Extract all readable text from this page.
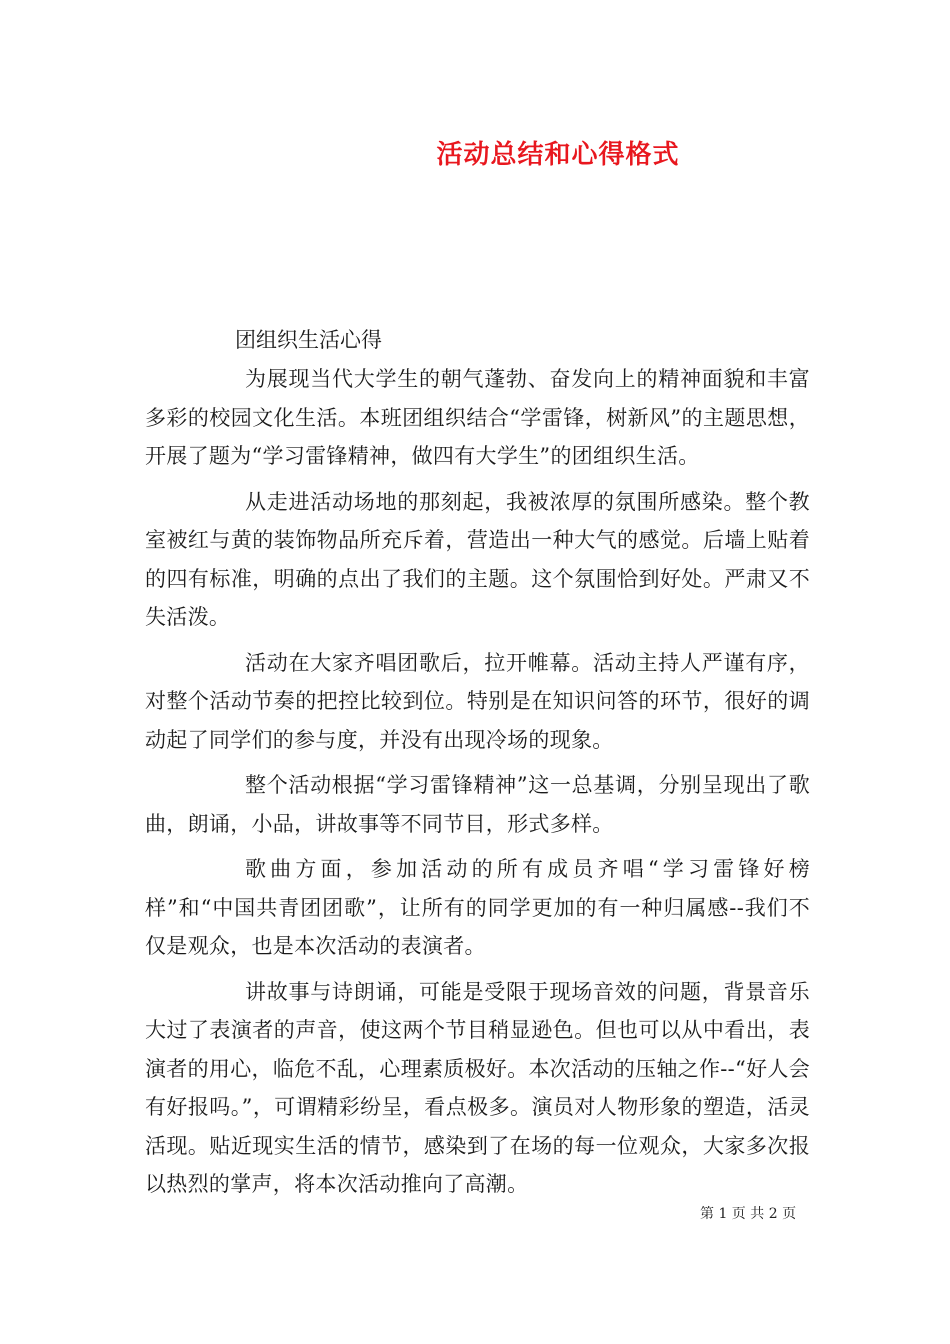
活动总结和心得格式
团组织生活心得

为展现当代大学生的朝气蓬勃、奋发向上的精神面貌和丰富多彩的校园文化生活。本班团组织结合“学雷锋，树新风”的主题思想，开展了题为“学习雷锋精神，做四有大学生”的团组织生活。

从走进活动场地的那刻起，我被浓厚的氛围所感染。整个教室被红与黄的装饰物品所充斥着，营造出一种大气的感觉。后墙上贴着的四有标准，明确的点出了我们的主题。这个氛围恰到好处。严肃又不失活泼。

活动在大家齐唱团歌后，拉开帷幕。活动主持人严谨有序，对整个活动节奏的把控比较到位。特别是在知识问答的环节，很好的调动起了同学们的参与度，并没有出现冷场的现象。

整个活动根据“学习雷锋精神”这一总基调，分别呈现出了歌曲，朗诵，小品，讲故事等不同节目，形式多样。

歌曲方面，参加活动的所有成员齐唱“学习雷锋好榜样”和“中国共青团团歌”，让所有的同学更加的有一种归属感--我们不仅是观众，也是本次活动的表演者。

讲故事与诗朗诵，可能是受限于现场音效的问题，背景音乐大过了表演者的声音，使这两个节目稍显逊色。但也可以从中看出，表演者的用心，临危不乱，心理素质极好。本次活动的压轴之作--“好人会有好报吗。”，可谓精彩纷呈，看点极多。演员对人物形象的塑造，活灵活现。贴近现实生活的情节，感染到了在场的每一位观众，大家多次报以热烈的掌声，将本次活动推向了高潮。

第 1 页 共 2 页
